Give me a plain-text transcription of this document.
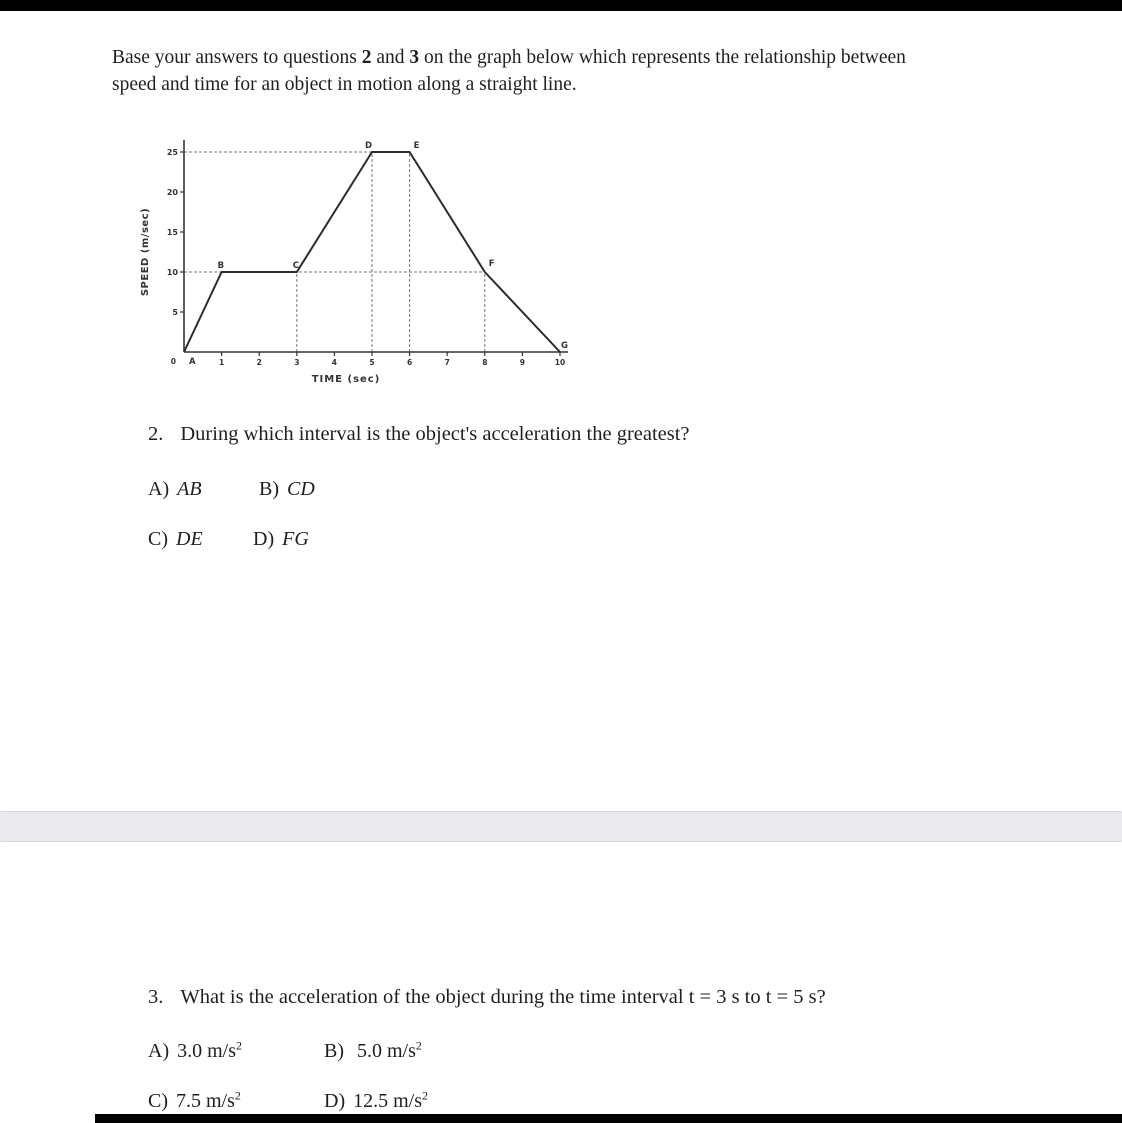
Base your answers to questions 2 and 3 on the graph below which represents the relationship between
speed and time for an object in motion along a straight line.

5
10
15
20
25
1	2	3	4	5	6	7	8	9	10
0 A
B	C
D	E
F
G
TIME (sec)
SPEED (m/sec)
2. During which interval is the object's acceleration the greatest?
A) AB	B) CD
C) DE	D) FG
3. What is the acceleration of the object during the time interval t = 3 s to t = 5 s?
A) 3.0 $m/s^2$	B) 5.0 $m/s^2$
C) 7.5 $m/s^2$	D) 12.5 $m/s^2$
